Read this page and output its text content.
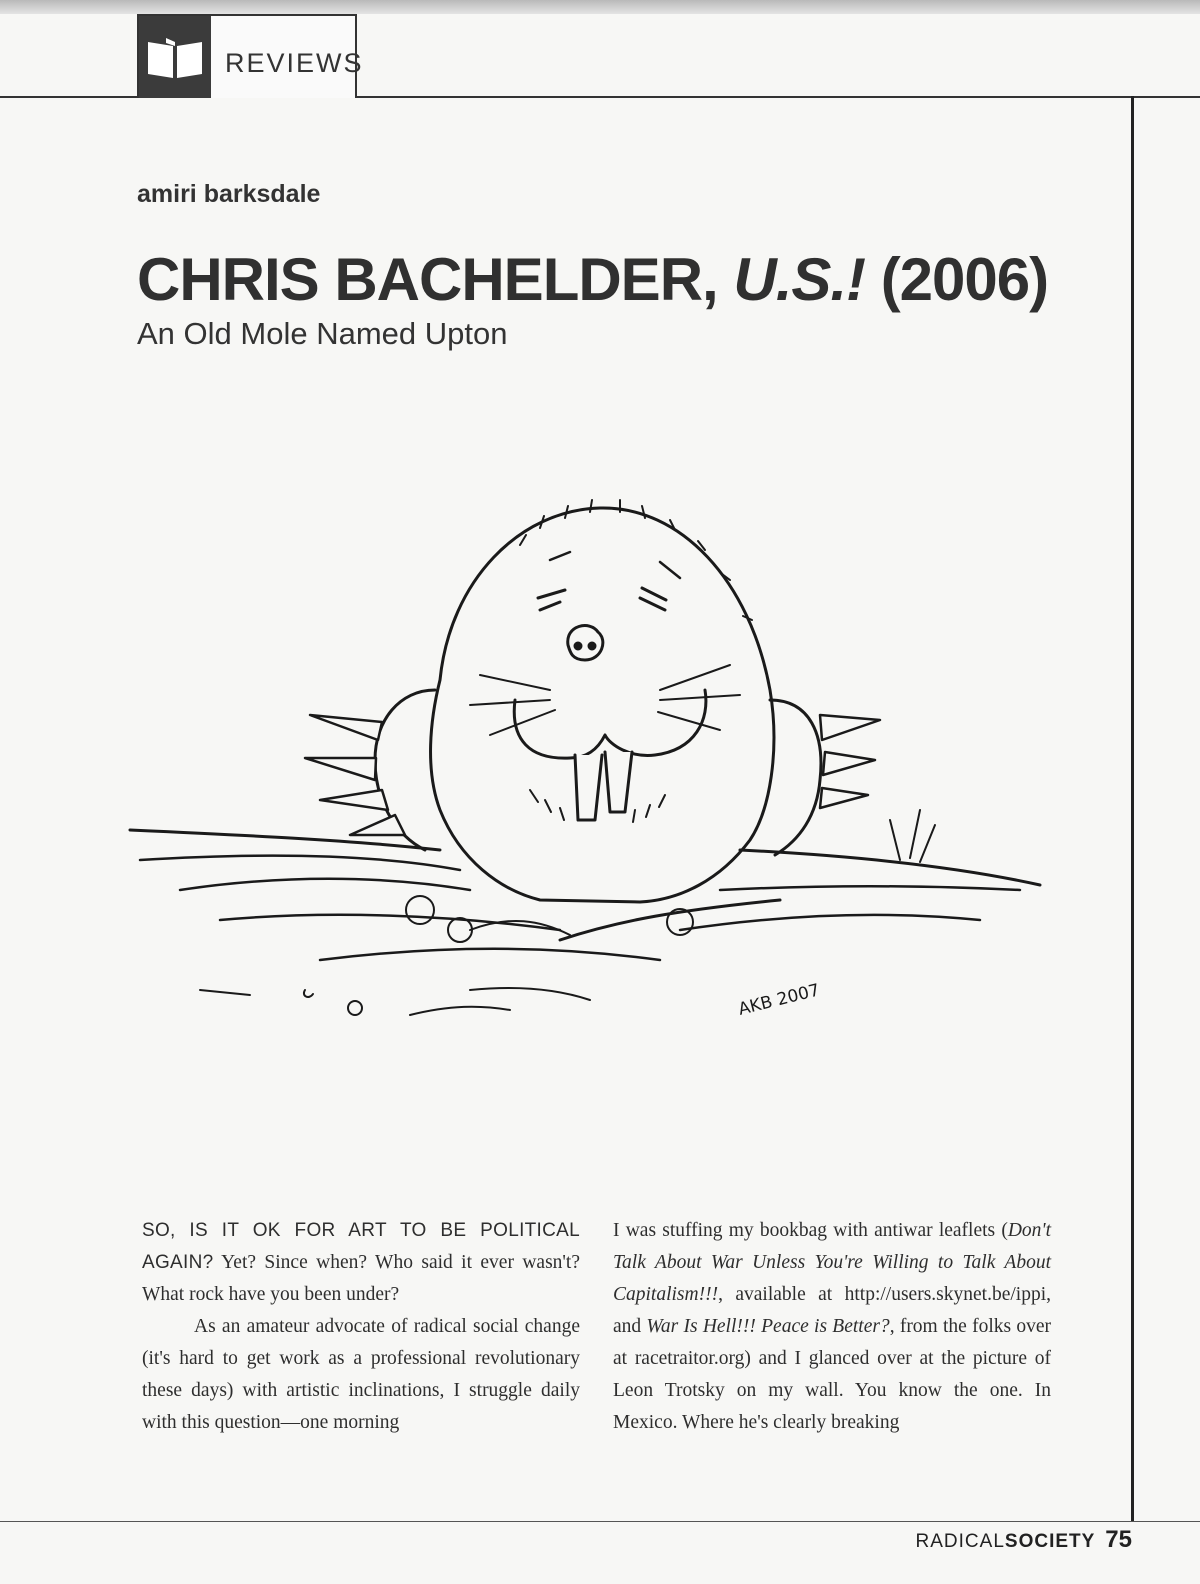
REVIEWS
amiri barksdale
CHRIS BACHELDER, U.S.! (2006)
An Old Mole Named Upton
AKB 2007
SO, IS IT OK FOR ART TO BE POLITICAL AGAIN? Yet? Since when? Who said it ever wasn't? What rock have you been under?
As an amateur advocate of radical social change (it's hard to get work as a professional revolutionary these days) with artistic inclinations, I struggle daily with this question—one morning
I was stuffing my bookbag with antiwar leaflets (Don't Talk About War Unless You're Willing to Talk About Capitalism!!!, available at http://users.skynet.be/ippi, and War Is Hell!!! Peace is Better?, from the folks over at racetraitor.org) and I glanced over at the picture of Leon Trotsky on my wall. You know the one. In Mexico. Where he's clearly breaking
RADICALSOCIETY 75
